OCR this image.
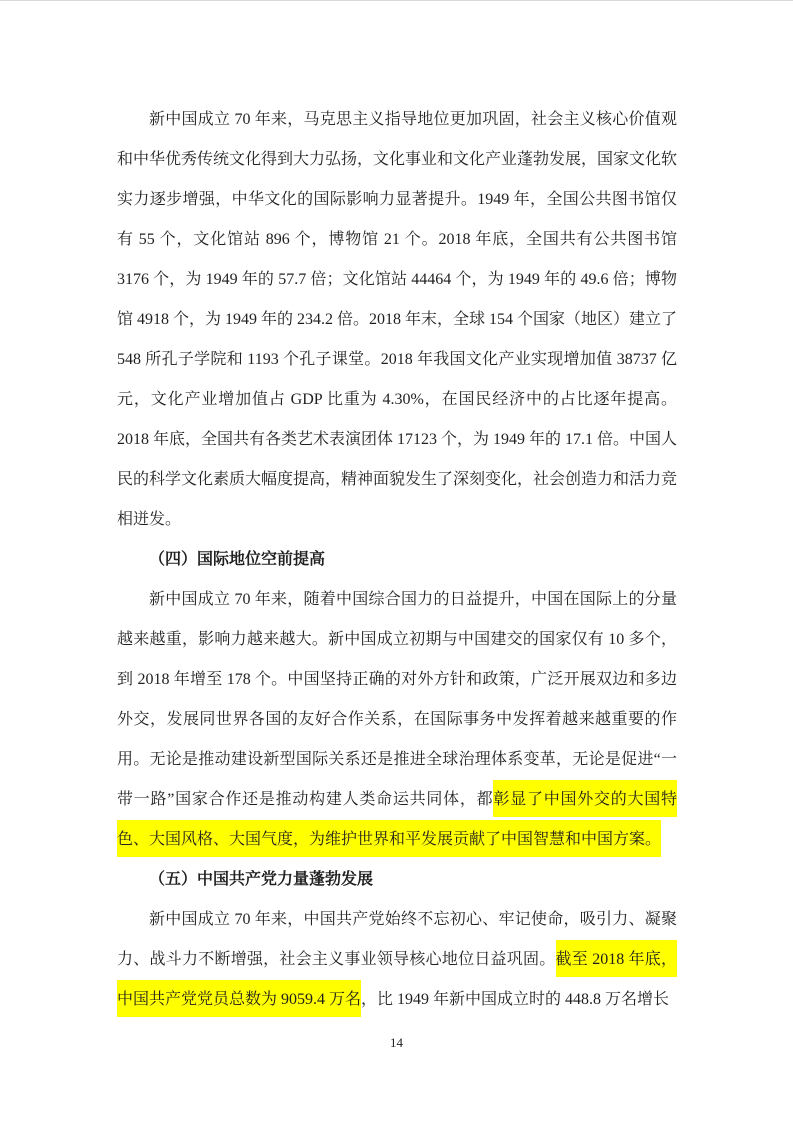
新中国成立 70 年来，马克思主义指导地位更加巩固，社会主义核心价值观和中华优秀传统文化得到大力弘扬，文化事业和文化产业蓬勃发展，国家文化软实力逐步增强，中华文化的国际影响力显著提升。1949 年，全国公共图书馆仅有 55 个，文化馆站 896 个，博物馆 21 个。2018 年底，全国共有公共图书馆 3176 个，为 1949 年的 57.7 倍；文化馆站 44464 个，为 1949 年的 49.6 倍；博物馆 4918 个，为 1949 年的 234.2 倍。2018 年末，全球 154 个国家（地区）建立了 548 所孔子学院和 1193 个孔子课堂。2018 年我国文化产业实现增加值 38737 亿元，文化产业增加值占 GDP 比重为 4.30%，在国民经济中的占比逐年提高。2018 年底，全国共有各类艺术表演团体 17123 个，为 1949 年的 17.1 倍。中国人民的科学文化素质大幅度提高，精神面貌发生了深刻变化，社会创造力和活力竞相迸发。

（四）国际地位空前提高

新中国成立 70 年来，随着中国综合国力的日益提升，中国在国际上的分量越来越重，影响力越来越大。新中国成立初期与中国建交的国家仅有 10 多个，到 2018 年增至 178 个。中国坚持正确的对外方针和政策，广泛开展双边和多边外交，发展同世界各国的友好合作关系，在国际事务中发挥着越来越重要的作用。无论是推动建设新型国际关系还是推进全球治理体系变革，无论是促进“一带一路”国家合作还是推动构建人类命运共同体，都彰显了中国外交的大国特色、大国风格、大国气度，为维护世界和平发展贡献了中国智慧和中国方案。

（五）中国共产党力量蓬勃发展

新中国成立 70 年来，中国共产党始终不忘初心、牢记使命，吸引力、凝聚力、战斗力不断增强，社会主义事业领导核心地位日益巩固。截至 2018 年底，中国共产党党员总数为 9059.4 万名，比 1949 年新中国成立时的 448.8 万名增长

14
